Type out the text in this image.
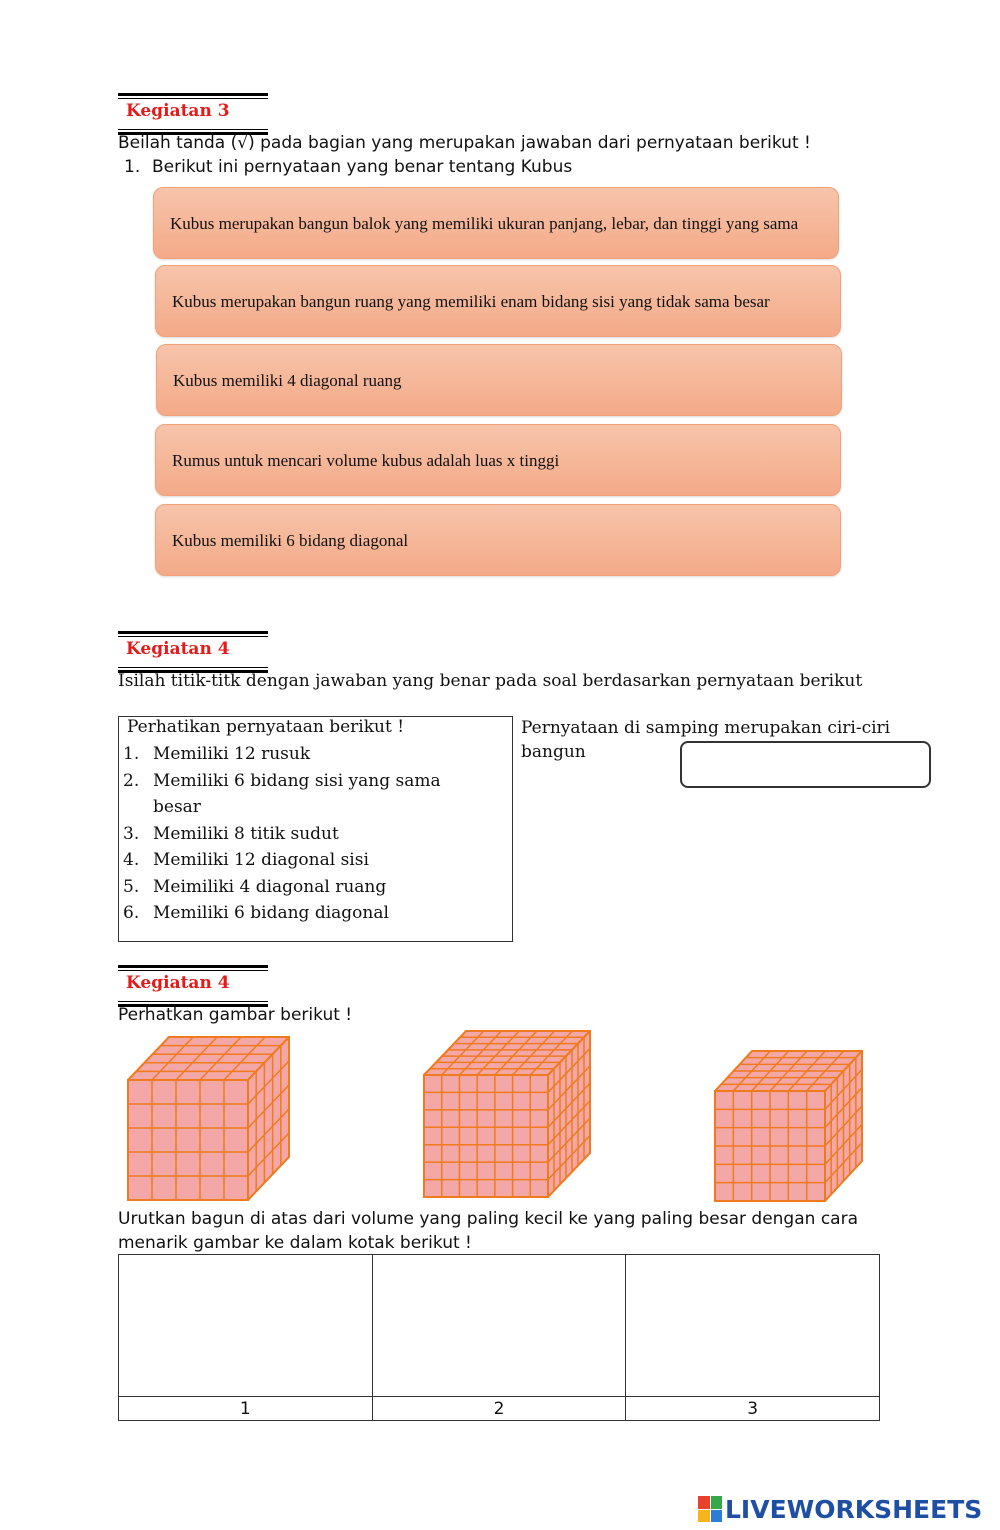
Kegiatan 3
Beilah tanda (√) pada bagian yang merupakan jawaban dari pernyataan berikut !
1. Berikut ini pernyataan yang benar tentang Kubus
Kubus merupakan bangun balok yang memiliki ukuran panjang, lebar, dan tinggi yang sama
Kubus merupakan bangun ruang yang memiliki enam bidang sisi yang tidak sama besar
Kubus memiliki 4 diagonal ruang
Rumus untuk mencari volume kubus adalah luas x tinggi
Kubus memiliki 6 bidang diagonal
Kegiatan 4
Isilah titik-titk dengan jawaban yang benar pada soal berdasarkan pernyataan berikut
Perhatikan pernyataan berikut !
1. Memiliki 12 rusuk
2. Memiliki 6 bidang sisi yang sama besar
3. Memiliki 8 titik sudut
4. Memiliki 12 diagonal sisi
5. Meimiliki 4 diagonal ruang
6. Memiliki 6 bidang diagonal
Pernyataan di samping merupakan ciri-ciri
bangun
Kegiatan 4
Perhatkan gambar berikut !
Urutkan bagun di atas dari volume yang paling kecil ke yang paling besar dengan cara
menarik gambar ke dalam kotak berikut !

1	2	3
LIVEWORKSHEETS
